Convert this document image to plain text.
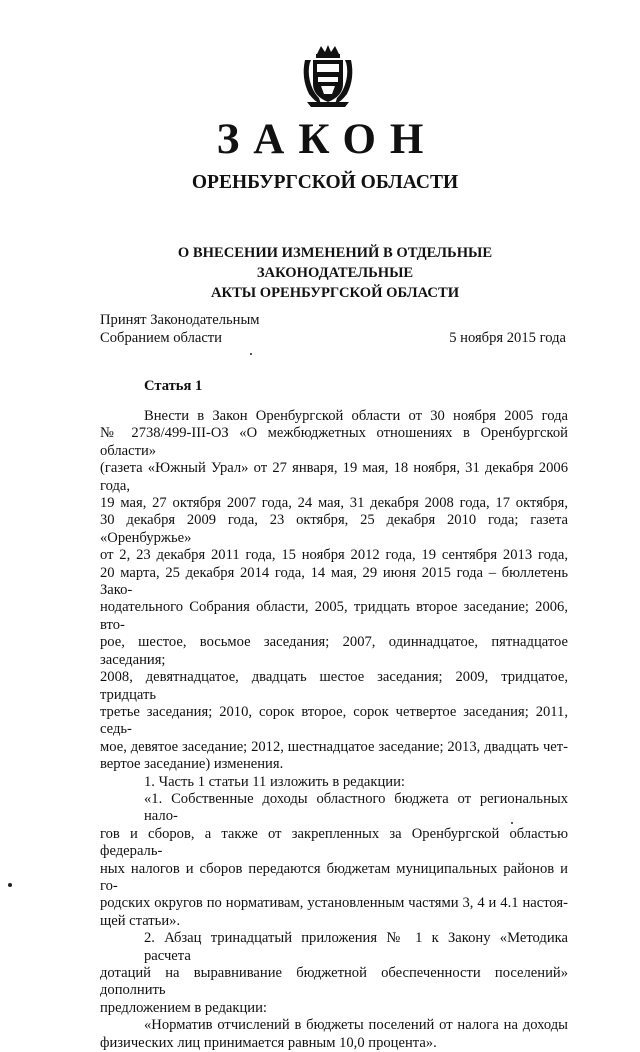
ЗАКОН
ОРЕНБУРГСКОЙ ОБЛАСТИ
О ВНЕСЕНИИ ИЗМЕНЕНИЙ В ОТДЕЛЬНЫЕ ЗАКОНОДАТЕЛЬНЫЕ
АКТЫ ОРЕНБУРГСКОЙ ОБЛАСТИ
Принят Законодательным
Собранием области	5 ноября 2015 года
Статья 1
Внести в Закон Оренбургской области от 30 ноября 2005 года
№ 2738/499-III-ОЗ «О межбюджетных отношениях в Оренбургской области»
(газета «Южный Урал» от 27 января, 19 мая, 18 ноября, 31 декабря 2006 года,
19 мая, 27 октября 2007 года, 24 мая, 31 декабря 2008 года, 17 октября,
30 декабря 2009 года, 23 октября, 25 декабря 2010 года; газета «Оренбуржье»
от 2, 23 декабря 2011 года, 15 ноября 2012 года, 19 сентября 2013 года,
20 марта, 25 декабря 2014 года, 14 мая, 29 июня 2015 года – бюллетень Зако-
нодательного Собрания области, 2005, тридцать второе заседание; 2006, вто-
рое, шестое, восьмое заседания; 2007, одиннадцатое, пятнадцатое заседания;
2008, девятнадцатое, двадцать шестое заседания; 2009, тридцатое, тридцать
третье заседания; 2010, сорок второе, сорок четвертое заседания; 2011, седь-
мое, девятое заседание; 2012, шестнадцатое заседание; 2013, двадцать чет-
вертое заседание) изменения.
1. Часть 1 статьи 11 изложить в редакции:
«1. Собственные доходы областного бюджета от региональных нало-
гов и сборов, а также от закрепленных за Оренбургской областью федераль-
ных налогов и сборов передаются бюджетам муниципальных районов и го-
родских округов по нормативам, установленным частями 3, 4 и 4.1 настоя-
щей статьи».
2. Абзац тринадцатый приложения № 1 к Закону «Методика расчета
дотаций на выравнивание бюджетной обеспеченности поселений» дополнить
предложением в редакции:
«Норматив отчислений в бюджеты поселений от налога на доходы
физических лиц принимается равным 10,0 процента».
